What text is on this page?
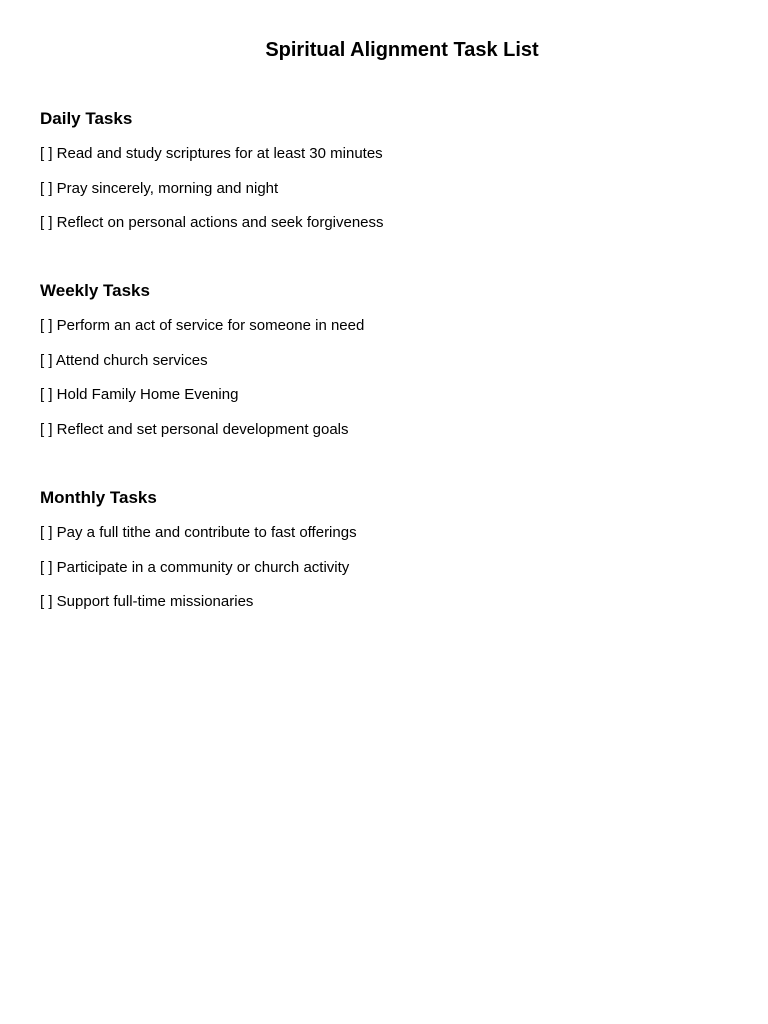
Spiritual Alignment Task List
Daily Tasks
[ ] Read and study scriptures for at least 30 minutes
[ ] Pray sincerely, morning and night
[ ] Reflect on personal actions and seek forgiveness
Weekly Tasks
[ ] Perform an act of service for someone in need
[ ] Attend church services
[ ] Hold Family Home Evening
[ ] Reflect and set personal development goals
Monthly Tasks
[ ] Pay a full tithe and contribute to fast offerings
[ ] Participate in a community or church activity
[ ] Support full-time missionaries
